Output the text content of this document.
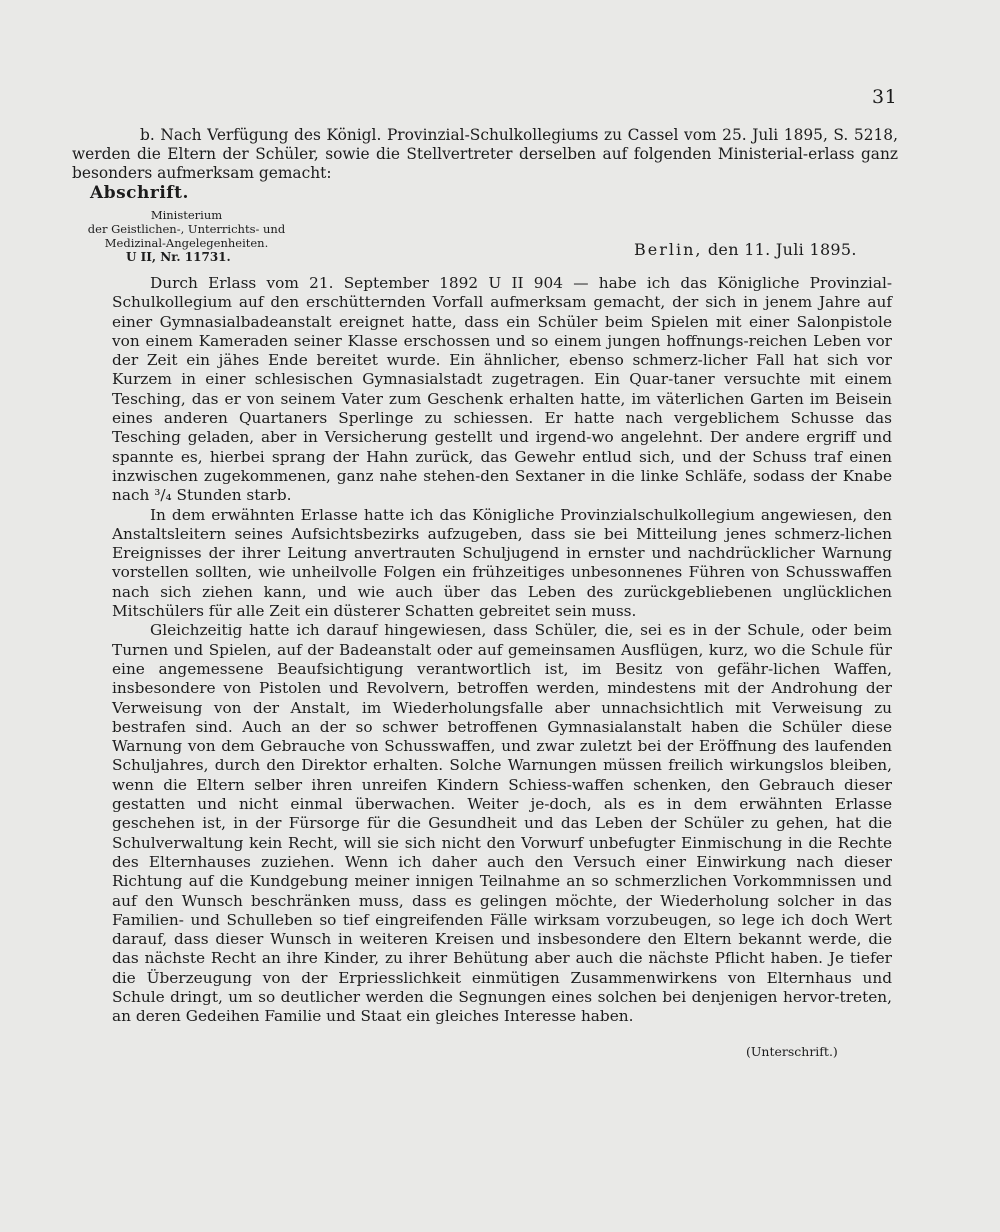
31

b. Nach Verfügung des Königl. Provinzial-Schulkollegiums zu Cassel vom 25. Juli 1895, S. 5218, werden die Eltern der Schüler, sowie die Stellvertreter derselben auf folgenden Ministerial-erlass ganz besonders aufmerksam gemacht:

Abschrift.
Ministerium
der Geistlichen-, Unterrichts- und
Medizinal-Angelegenheiten.
U II, Nr. 11731.	Berlin, den 11. Juli 1895.

Durch Erlass vom 21. September 1892 U II 904 — habe ich das Königliche Provinzial-Schulkollegium auf den erschütternden Vorfall aufmerksam gemacht, der sich in jenem Jahre auf einer Gymnasialbadeanstalt ereignet hatte, dass ein Schüler beim Spielen mit einer Salonpistole von einem Kameraden seiner Klasse erschossen und so einem jungen hoffnungs-reichen Leben vor der Zeit ein jähes Ende bereitet wurde. Ein ähnlicher, ebenso schmerz-licher Fall hat sich vor Kurzem in einer schlesischen Gymnasialstadt zugetragen. Ein Quar-taner versuchte mit einem Tesching, das er von seinem Vater zum Geschenk erhalten hatte, im väterlichen Garten im Beisein eines anderen Quartaners Sperlinge zu schiessen. Er hatte nach vergeblichem Schusse das Tesching geladen, aber in Versicherung gestellt und irgend-wo angelehnt. Der andere ergriff und spannte es, hierbei sprang der Hahn zurück, das Gewehr entlud sich, und der Schuss traf einen inzwischen zugekommenen, ganz nahe stehen-den Sextaner in die linke Schläfe, sodass der Knabe nach ³/₄ Stunden starb.

In dem erwähnten Erlasse hatte ich das Königliche Provinzialschulkollegium angewiesen, den Anstaltsleitern seines Aufsichtsbezirks aufzugeben, dass sie bei Mitteilung jenes schmerz-lichen Ereignisses der ihrer Leitung anvertrauten Schuljugend in ernster und nachdrücklicher Warnung vorstellen sollten, wie unheilvolle Folgen ein frühzeitiges unbesonnenes Führen von Schusswaffen nach sich ziehen kann, und wie auch über das Leben des zurückgebliebenen unglücklichen Mitschülers für alle Zeit ein düsterer Schatten gebreitet sein muss.

Gleichzeitig hatte ich darauf hingewiesen, dass Schüler, die, sei es in der Schule, oder beim Turnen und Spielen, auf der Badeanstalt oder auf gemeinsamen Ausflügen, kurz, wo die Schule für eine angemessene Beaufsichtigung verantwortlich ist, im Besitz von gefähr-lichen Waffen, insbesondere von Pistolen und Revolvern, betroffen werden, mindestens mit der Androhung der Verweisung von der Anstalt, im Wiederholungsfalle aber unnachsichtlich mit Verweisung zu bestrafen sind. Auch an der so schwer betroffenen Gymnasialanstalt haben die Schüler diese Warnung von dem Gebrauche von Schusswaffen, und zwar zuletzt bei der Eröffnung des laufenden Schuljahres, durch den Direktor erhalten. Solche Warnungen müssen freilich wirkungslos bleiben, wenn die Eltern selber ihren unreifen Kindern Schiess-waffen schenken, den Gebrauch dieser gestatten und nicht einmal überwachen. Weiter je-doch, als es in dem erwähnten Erlasse geschehen ist, in der Fürsorge für die Gesundheit und das Leben der Schüler zu gehen, hat die Schulverwaltung kein Recht, will sie sich nicht den Vorwurf unbefugter Einmischung in die Rechte des Elternhauses zuziehen. Wenn ich daher auch den Versuch einer Einwirkung nach dieser Richtung auf die Kundgebung meiner innigen Teilnahme an so schmerzlichen Vorkommnissen und auf den Wunsch beschränken muss, dass es gelingen möchte, der Wiederholung solcher in das Familien- und Schulleben so tief eingreifenden Fälle wirksam vorzubeugen, so lege ich doch Wert darauf, dass dieser Wunsch in weiteren Kreisen und insbesondere den Eltern bekannt werde, die das nächste Recht an ihre Kinder, zu ihrer Behütung aber auch die nächste Pflicht haben. Je tiefer die Überzeugung von der Erpriesslichkeit einmütigen Zusammenwirkens von Elternhaus und Schule dringt, um so deutlicher werden die Segnungen eines solchen bei denjenigen hervor-treten, an deren Gedeihen Familie und Staat ein gleiches Interesse haben.

(Unterschrift.)
